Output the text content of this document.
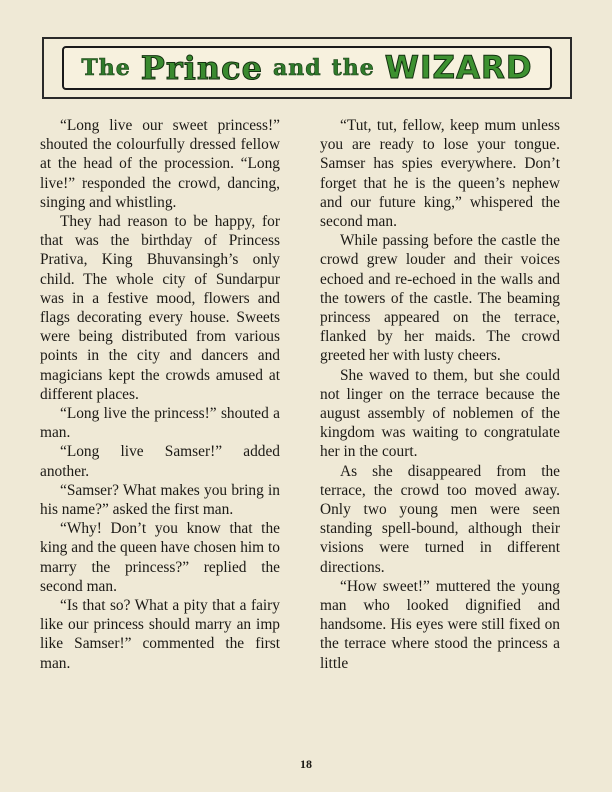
The Prince and the WIZARD

“Long live our sweet princess!” shouted the colourfully dressed fellow at the head of the procession. “Long live!” responded the crowd, dancing, singing and whistling.

They had reason to be happy, for that was the birthday of Princess Prativa, King Bhuvansingh’s only child. The whole city of Sundarpur was in a festive mood, flowers and flags decorating every house. Sweets were being distributed from various points in the city and dancers and magicians kept the crowds amused at different places.

“Long live the princess!” shouted a man.

“Long live Samser!” added another.

“Samser? What makes you bring in his name?” asked the first man.

“Why! Don’t you know that the king and the queen have chosen him to marry the princess?” replied the second man.

“Is that so? What a pity that a fairy like our princess should marry an imp like Samser!” commented the first man.

“Tut, tut, fellow, keep mum unless you are ready to lose your tongue. Samser has spies everywhere. Don’t forget that he is the queen’s nephew and our future king,” whispered the second man.

While passing before the castle the crowd grew louder and their voices echoed and re-echoed in the walls and the towers of the castle. The beaming princess appeared on the terrace, flanked by her maids. The crowd greeted her with lusty cheers.

She waved to them, but she could not linger on the terrace because the august assembly of noblemen of the kingdom was waiting to congratulate her in the court.

As she disappeared from the terrace, the crowd too moved away. Only two young men were seen standing spell-bound, although their visions were turned in different directions.

“How sweet!” muttered the young man who looked dignified and handsome. His eyes were still fixed on the terrace where stood the princess a little

18
